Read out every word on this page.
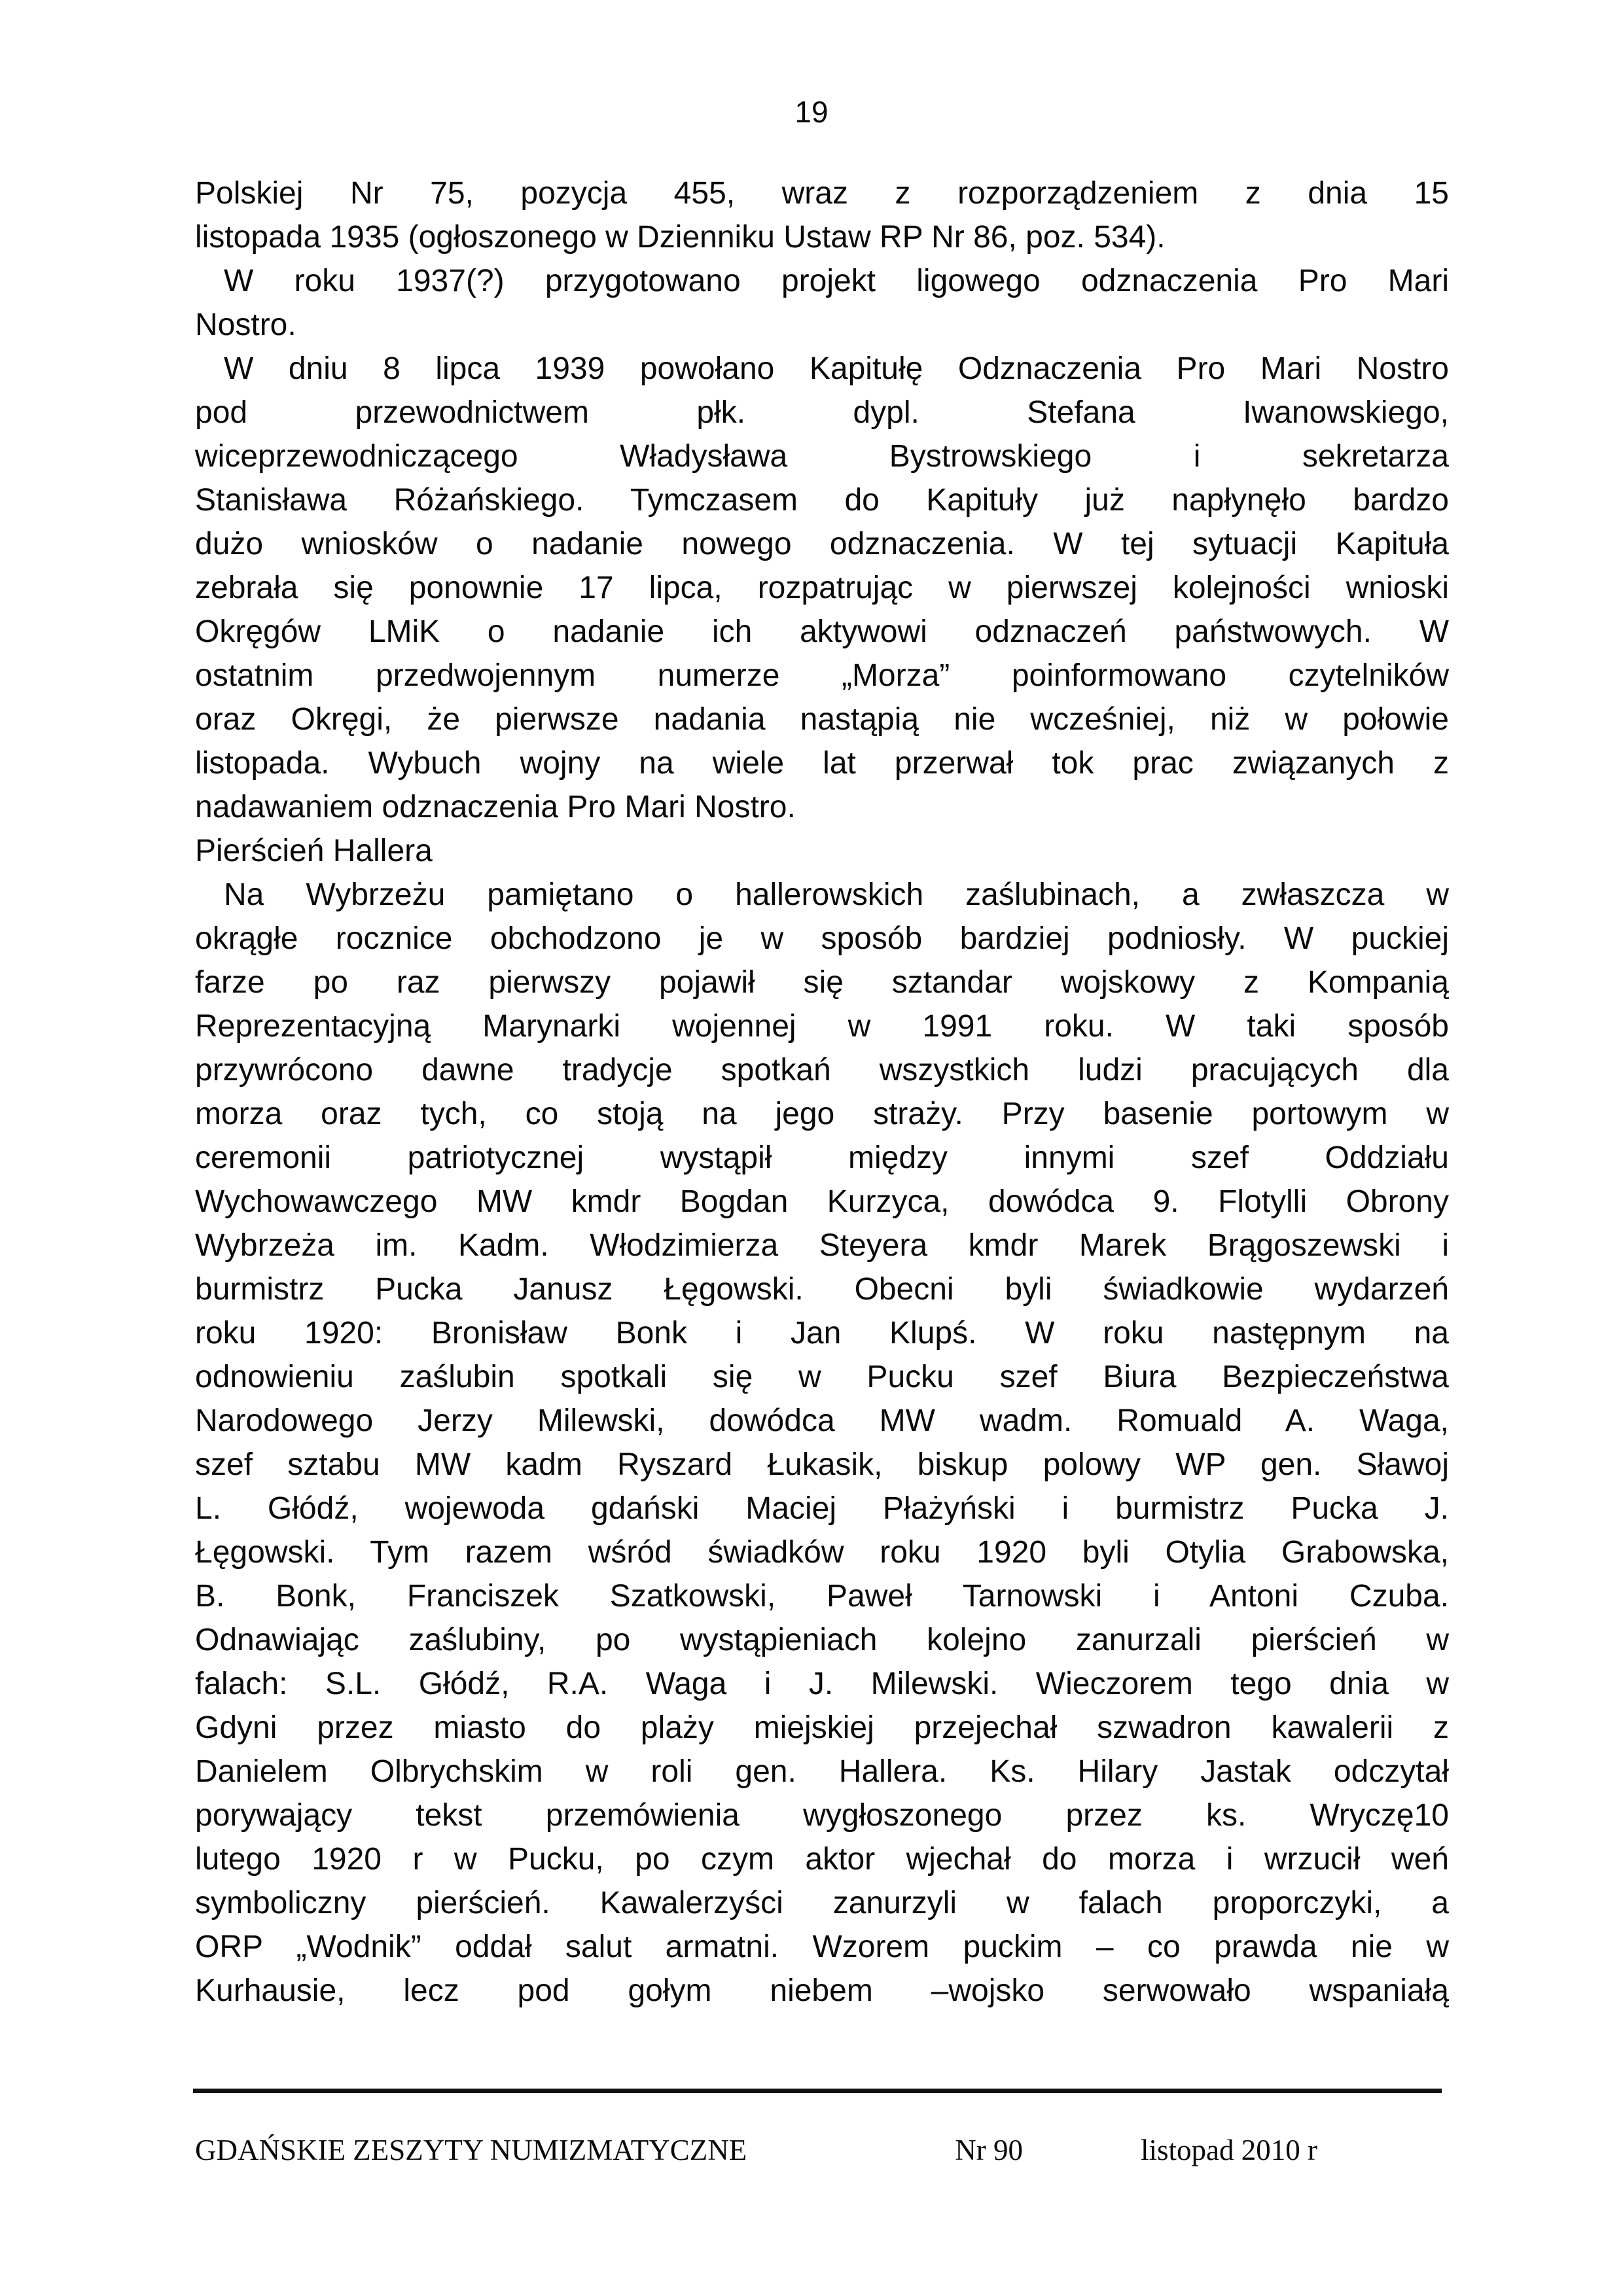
19
Polskiej Nr 75, pozycja 455, wraz z rozporządzeniem z dnia 15
listopada 1935 (ogłoszonego w Dzienniku Ustaw RP Nr 86, poz. 534).
W roku 1937(?) przygotowano projekt ligowego odznaczenia Pro Mari
Nostro.
W dniu 8 lipca 1939 powołano Kapitułę Odznaczenia Pro Mari Nostro
pod przewodnictwem płk. dypl. Stefana Iwanowskiego,
wiceprzewodniczącego Władysława Bystrowskiego i sekretarza
Stanisława Różańskiego. Tymczasem do Kapituły już napłynęło bardzo
dużo wniosków o nadanie nowego odznaczenia. W tej sytuacji Kapituła
zebrała się ponownie 17 lipca, rozpatrując w pierwszej kolejności wnioski
Okręgów LMiK o nadanie ich aktywowi odznaczeń państwowych. W
ostatnim przedwojennym numerze „Morza” poinformowano czytelników
oraz Okręgi, że pierwsze nadania nastąpią nie wcześniej, niż w połowie
listopada. Wybuch wojny na wiele lat przerwał tok prac związanych z
nadawaniem odznaczenia Pro Mari Nostro.
Pierścień Hallera
Na Wybrzeżu pamiętano o hallerowskich zaślubinach, a zwłaszcza w
okrągłe rocznice obchodzono je w sposób bardziej podniosły. W puckiej
farze po raz pierwszy pojawił się sztandar wojskowy z Kompanią
Reprezentacyjną Marynarki wojennej w 1991 roku. W taki sposób
przywrócono dawne tradycje spotkań wszystkich ludzi pracujących dla
morza oraz tych, co stoją na jego straży. Przy basenie portowym w
ceremonii patriotycznej wystąpił między innymi szef Oddziału
Wychowawczego MW kmdr Bogdan Kurzyca, dowódca 9. Flotylli Obrony
Wybrzeża im. Kadm. Włodzimierza Steyera kmdr Marek Brągoszewski i
burmistrz Pucka Janusz Łęgowski. Obecni byli świadkowie wydarzeń
roku 1920: Bronisław Bonk i Jan Klupś. W roku następnym na
odnowieniu zaślubin spotkali się w Pucku szef Biura Bezpieczeństwa
Narodowego Jerzy Milewski, dowódca MW wadm. Romuald A. Waga,
szef sztabu MW kadm Ryszard Łukasik, biskup polowy WP gen. Sławoj
L. Głódź, wojewoda gdański Maciej Płażyński i burmistrz Pucka J.
Łęgowski. Tym razem wśród świadków roku 1920 byli Otylia Grabowska,
B. Bonk, Franciszek Szatkowski, Paweł Tarnowski i Antoni Czuba.
Odnawiając zaślubiny, po wystąpieniach kolejno zanurzali pierścień w
falach: S.L. Głódź, R.A. Waga i J. Milewski. Wieczorem tego dnia w
Gdyni przez miasto do plaży miejskiej przejechał szwadron kawalerii z
Danielem Olbrychskim w roli gen. Hallera. Ks. Hilary Jastak odczytał
porywający tekst przemówienia wygłoszonego przez ks. Wryczę10
lutego 1920 r w Pucku, po czym aktor wjechał do morza i wrzucił weń
symboliczny pierścień. Kawalerzyści zanurzyli w falach proporczyki, a
ORP „Wodnik” oddał salut armatni. Wzorem puckim – co prawda nie w
Kurhausie, lecz pod gołym niebem –wojsko serwowało wspaniałą
GDAŃSKIE ZESZYTY NUMIZMATYCZNE	Nr 90	listopad 2010 r
